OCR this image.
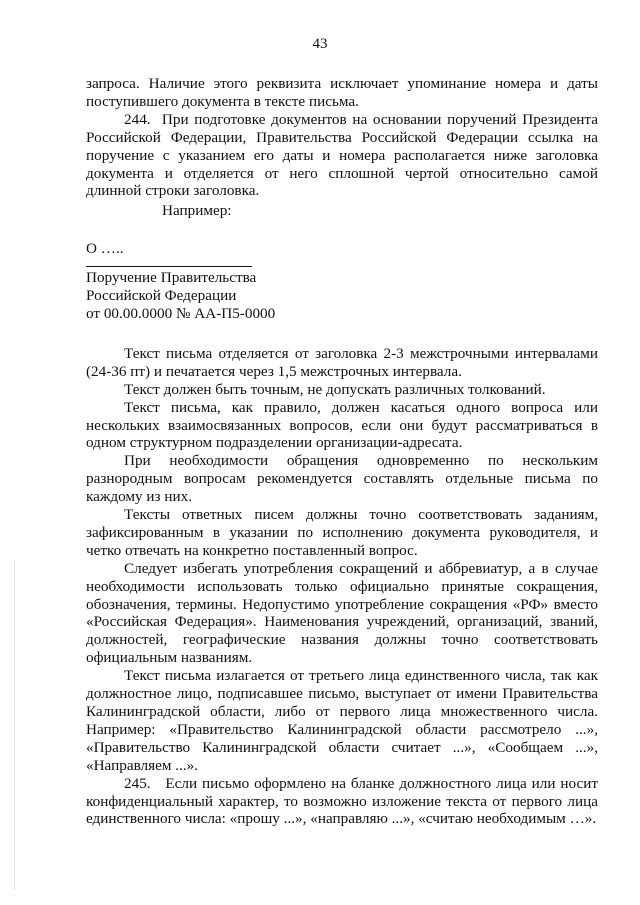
43

запроса. Наличие этого реквизита исключает упоминание номера и даты поступившего документа в тексте письма.

244.  При подготовке документов на основании поручений Президента Российской Федерации, Правительства Российской Федерации ссылка на поручение с указанием его даты и номера располагается ниже заголовка документа и отделяется от него сплошной чертой относительно самой длинной строки заголовка.

Например:

О …..

Поручение Правительства

Российской Федерации

от 00.00.0000 № АА-П5-0000

Текст письма отделяется от заголовка 2-3 межстрочными интервалами (24-36 пт) и печатается через 1,5 межстрочных интервала.

Текст должен быть точным, не допускать различных толкований.

Текст письма, как правило, должен касаться одного вопроса или нескольких взаимосвязанных вопросов, если они будут рассматриваться в одном структурном подразделении организации-адресата.

При необходимости обращения одновременно по нескольким разнородным вопросам рекомендуется составлять отдельные письма по каждому из них.

Тексты ответных писем должны точно соответствовать заданиям, зафиксированным в указании по исполнению документа руководителя, и четко отвечать на конкретно поставленный вопрос.

Следует избегать употребления сокращений и аббревиатур, а в случае необходимости использовать только официально принятые сокращения, обозначения, термины. Недопустимо употребление сокращения «РФ» вместо «Российская Федерация». Наименования учреждений, организаций, званий, должностей, географические названия должны точно соответствовать официальным названиям.

Текст письма излагается от третьего лица единственного числа, так как должностное лицо, подписавшее письмо, выступает от имени Правительства Калининградской области, либо от первого лица множественного числа. Например: «Правительство Калининградской области рассмотрело ...», «Правительство Калининградской области считает ...», «Сообщаем ...», «Направляем ...».

245.   Если письмо оформлено на бланке должностного лица или носит конфиденциальный характер, то возможно изложение текста от первого лица единственного числа: «прошу ...», «направляю ...», «считаю необходимым …».
